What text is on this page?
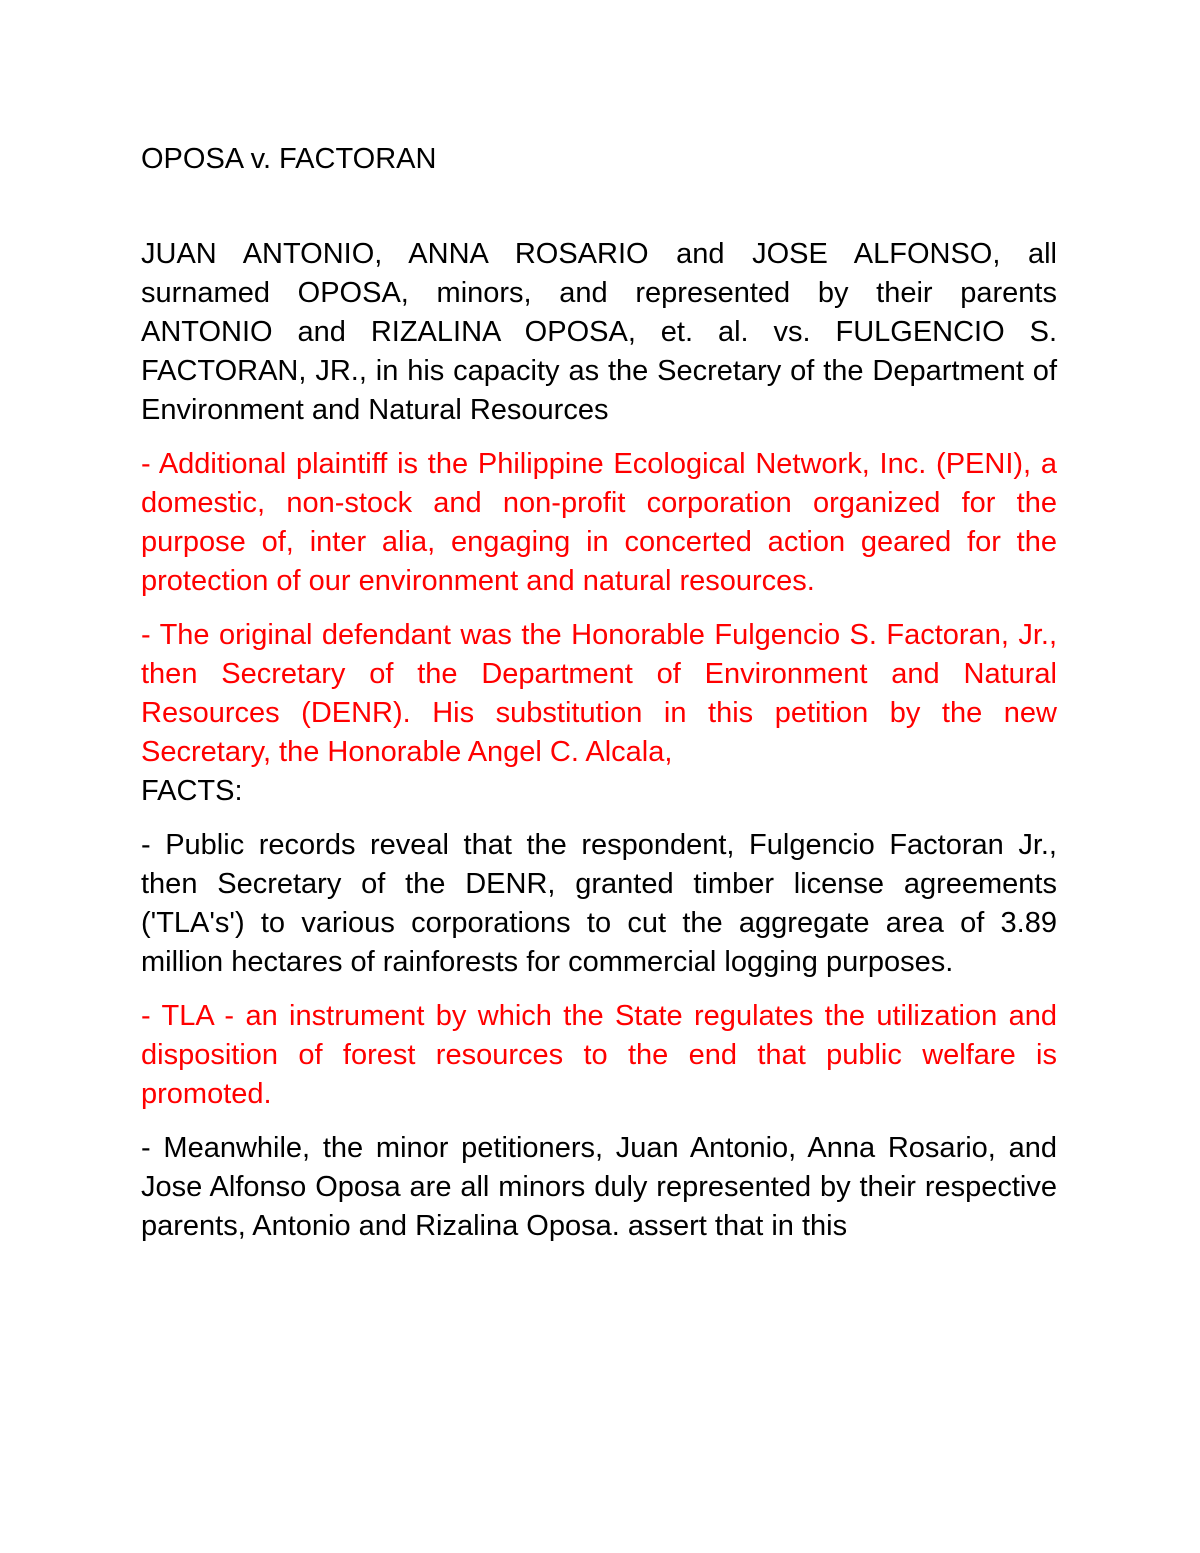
OPOSA v. FACTORAN

JUAN ANTONIO, ANNA ROSARIO and JOSE ALFONSO, all surnamed OPOSA, minors, and represented by their parents ANTONIO and RIZALINA OPOSA, et. al. vs. FULGENCIO S. FACTORAN, JR., in his capacity as the Secretary of the Department of Environment and Natural Resources

- Additional plaintiff is the Philippine Ecological Network, Inc. (PENI), a domestic, non-stock and non-profit corporation organized for the purpose of, inter alia, engaging in concerted action geared for the protection of our environment and natural resources.

- The original defendant was the Honorable Fulgencio S. Factoran, Jr., then Secretary of the Department of Environment and Natural Resources (DENR). His substitution in this petition by the new Secretary, the Honorable Angel C. Alcala,

FACTS:

- Public records reveal that the respondent, Fulgencio Factoran Jr., then Secretary of the DENR, granted timber license agreements ('TLA's') to various corporations to cut the aggregate area of 3.89 million hectares of rainforests for commercial logging purposes.

- TLA - an instrument by which the State regulates the utilization and disposition of forest resources to the end that public welfare is promoted.

- Meanwhile, the minor petitioners, Juan Antonio, Anna Rosario, and Jose Alfonso Oposa are all minors duly represented by their respective parents, Antonio and Rizalina Oposa. assert that in this
